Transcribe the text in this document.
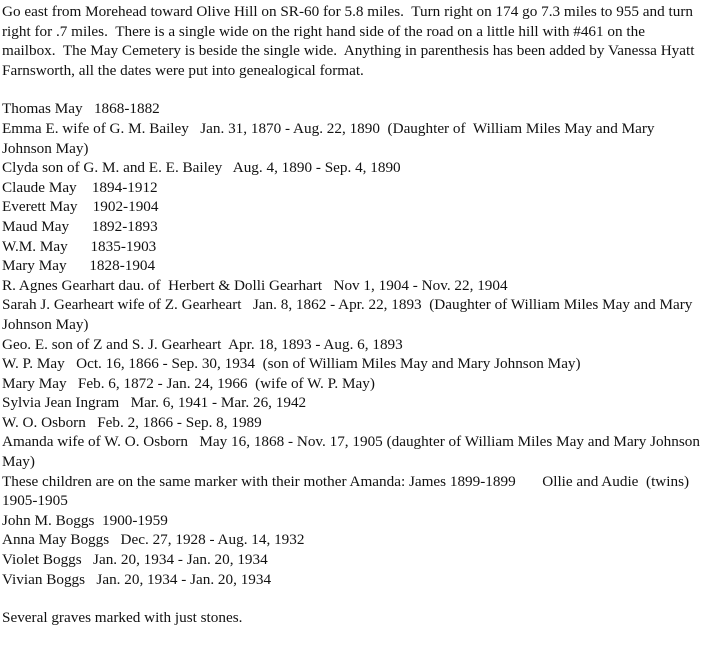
Go east from Morehead toward Olive Hill on SR-60 for 5.8 miles.  Turn right on 174 go 7.3 miles to 955 and turn right for .7 miles.  There is a single wide on the right hand side of the road on a little hill with #461 on the mailbox.  The May Cemetery is beside the single wide.  Anything in parenthesis has been added by Vanessa Hyatt Farnsworth, all the dates were put into genealogical format.

Thomas May   1868-1882

Emma E. wife of G. M. Bailey   Jan. 31, 1870 - Aug. 22, 1890  (Daughter of  William Miles May and Mary Johnson May)

Clyda son of G. M. and E. E. Bailey   Aug. 4, 1890 - Sep. 4, 1890

Claude May    1894-1912

Everett May    1902-1904

Maud May      1892-1893

W.M. May      1835-1903

Mary May      1828-1904

R. Agnes Gearhart dau. of  Herbert & Dolli Gearhart   Nov 1, 1904 - Nov. 22, 1904

Sarah J. Gearheart wife of Z. Gearheart   Jan. 8, 1862 - Apr. 22, 1893  (Daughter of William Miles May and Mary Johnson May)

Geo. E. son of Z and S. J. Gearheart  Apr. 18, 1893 - Aug. 6, 1893

W. P. May   Oct. 16, 1866 - Sep. 30, 1934  (son of William Miles May and Mary Johnson May)

Mary May   Feb. 6, 1872 - Jan. 24, 1966  (wife of W. P. May)

Sylvia Jean Ingram   Mar. 6, 1941 - Mar. 26, 1942

W. O. Osborn   Feb. 2, 1866 - Sep. 8, 1989

Amanda wife of W. O. Osborn   May 16, 1868 - Nov. 17, 1905 (daughter of William Miles May and Mary Johnson May)

These children are on the same marker with their mother Amanda: James 1899-1899       Ollie and Audie  (twins) 1905-1905

John M. Boggs  1900-1959

Anna May Boggs   Dec. 27, 1928 - Aug. 14, 1932

Violet Boggs   Jan. 20, 1934 - Jan. 20, 1934

Vivian Boggs   Jan. 20, 1934 - Jan. 20, 1934

Several graves marked with just stones.
